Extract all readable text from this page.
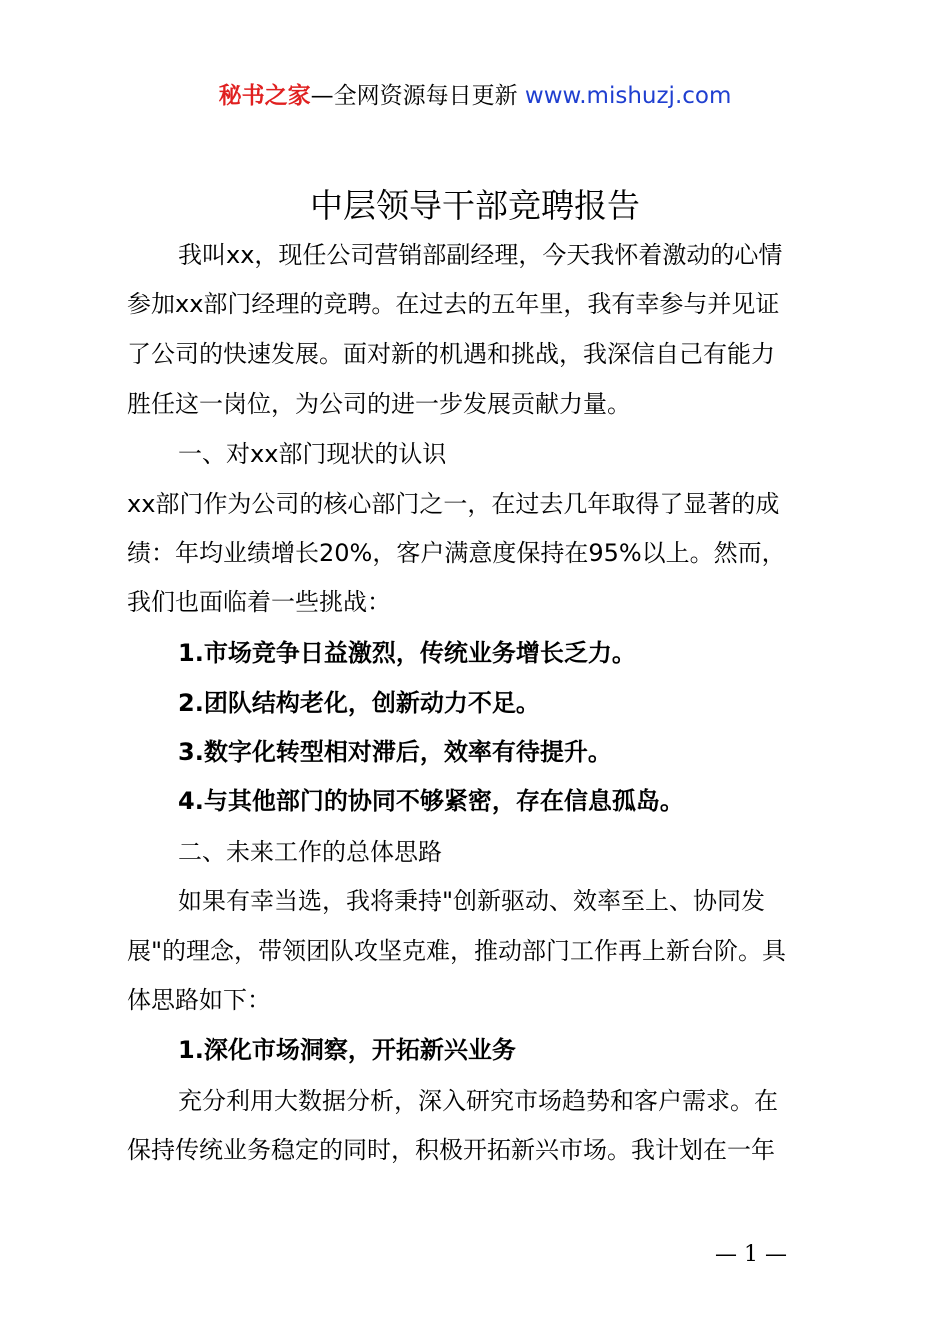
秘书之家—全网资源每日更新 www.mishuzj.com
中层领导干部竞聘报告
我叫xx，现任公司营销部副经理，今天我怀着激动的心情
参加xx部门经理的竞聘。在过去的五年里，我有幸参与并见证
了公司的快速发展。面对新的机遇和挑战，我深信自己有能力
胜任这一岗位，为公司的进一步发展贡献力量。
一、对xx部门现状的认识
xx部门作为公司的核心部门之一，在过去几年取得了显著的成
绩：年均业绩增长20%，客户满意度保持在95%以上。然而，
我们也面临着一些挑战：
1.市场竞争日益激烈，传统业务增长乏力。
2.团队结构老化，创新动力不足。
3.数字化转型相对滞后，效率有待提升。
4.与其他部门的协同不够紧密，存在信息孤岛。
二、未来工作的总体思路
如果有幸当选，我将秉持"创新驱动、效率至上、协同发
展"的理念，带领团队攻坚克难，推动部门工作再上新台阶。具
体思路如下：
1.深化市场洞察，开拓新兴业务
充分利用大数据分析，深入研究市场趋势和客户需求。在
保持传统业务稳定的同时，积极开拓新兴市场。我计划在一年
— 1 —
